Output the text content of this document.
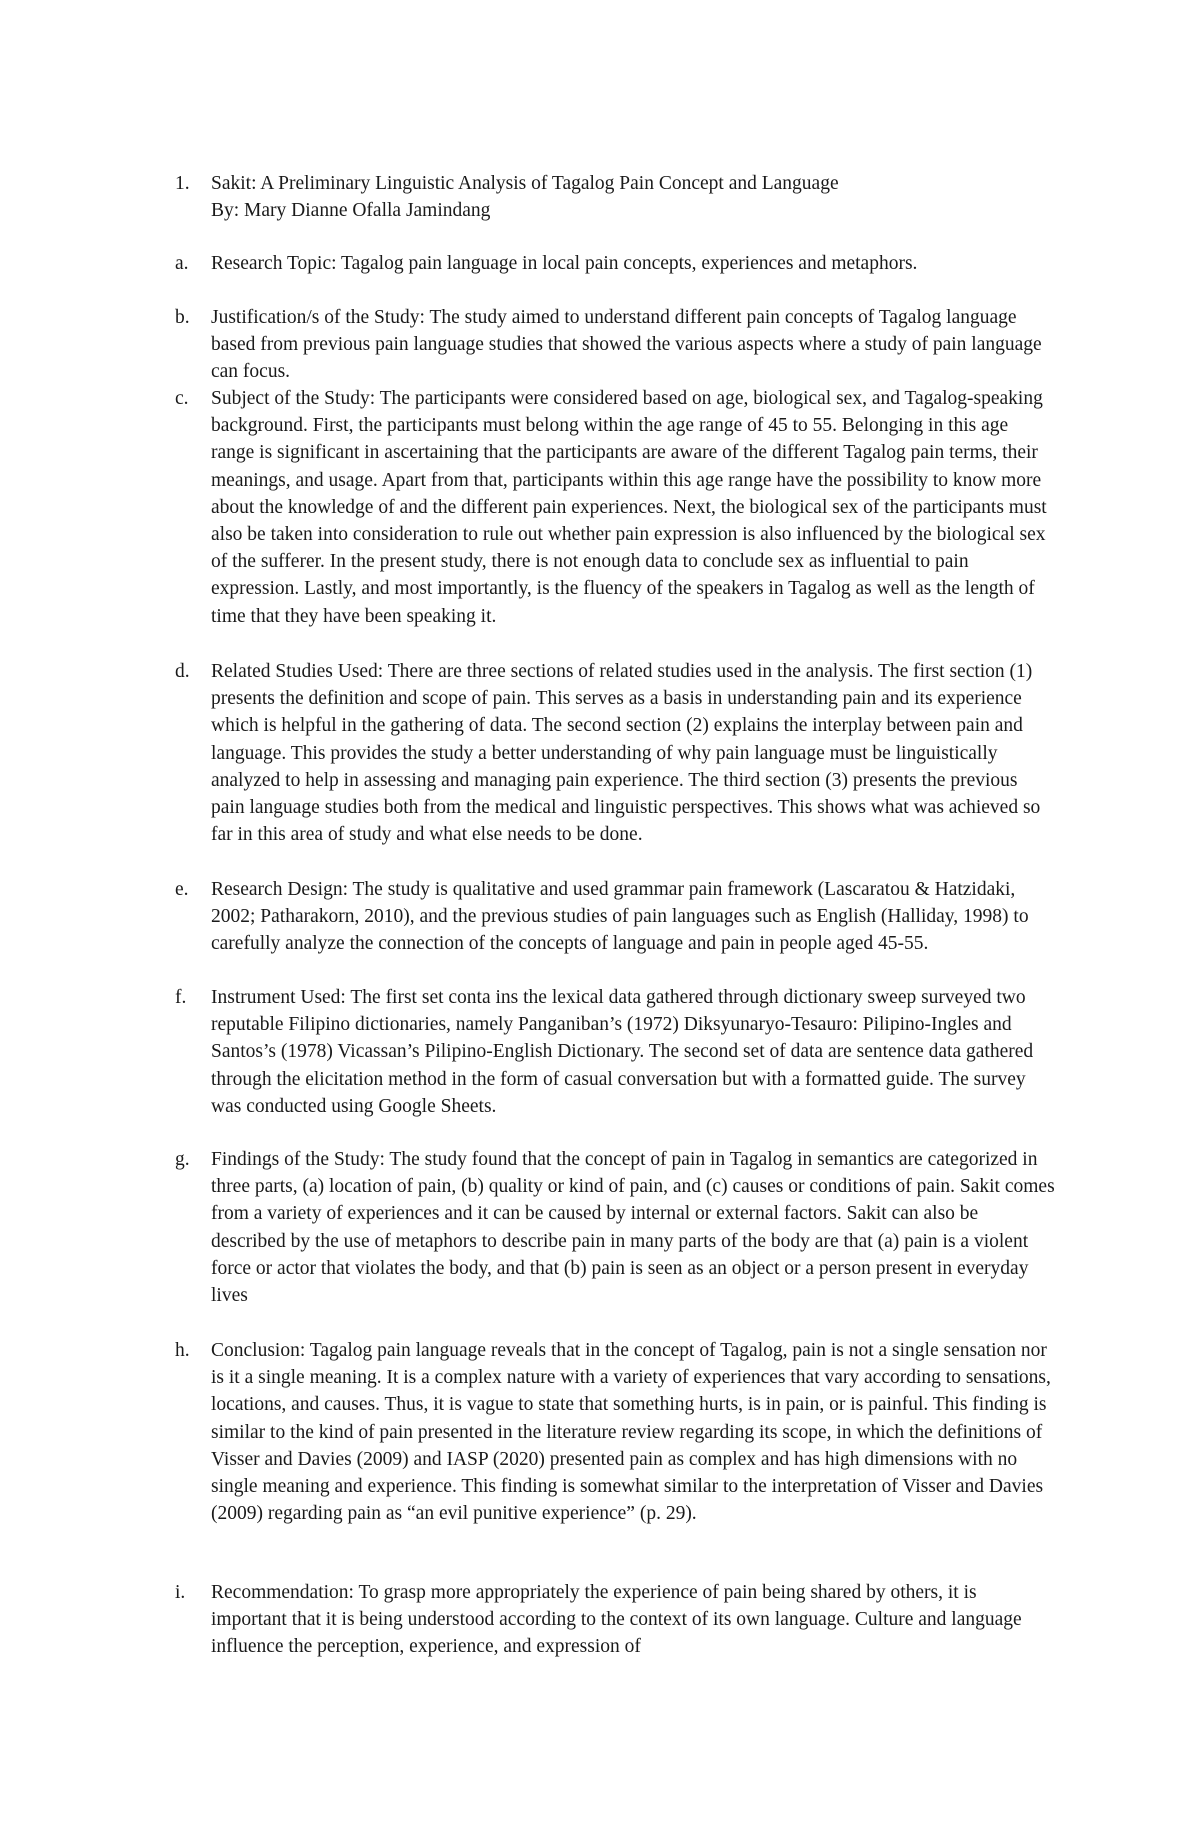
1.	Sakit: A Preliminary Linguistic Analysis of Tagalog Pain Concept and Language

By: Mary Dianne Ofalla Jamindang

a.	Research Topic: Tagalog pain language in local pain concepts, experiences and metaphors.

b.	Justification/s of the Study: The study aimed to understand different pain concepts of Tagalog language based from previous pain language studies that showed the various aspects where a study of pain language can focus.

c.	Subject of the Study: The participants were considered based on age, biological sex, and Tagalog-speaking background. First, the participants must belong within the age range of 45 to 55. Belonging in this age range is significant in ascertaining that the participants are aware of the different Tagalog pain terms, their meanings, and usage. Apart from that, participants within this age range have the possibility to know more about the knowledge of and the different pain experiences. Next, the biological sex of the participants must also be taken into consideration to rule out whether pain expression is also influenced by the biological sex of the sufferer. In the present study, there is not enough data to conclude sex as influential to pain expression. Lastly, and most importantly, is the fluency of the speakers in Tagalog as well as the length of time that they have been speaking it.

d.	Related Studies Used: There are three sections of related studies used in the analysis. The first section (1) presents the definition and scope of pain. This serves as a basis in understanding pain and its experience which is helpful in the gathering of data. The second section (2) explains the interplay between pain and language. This provides the study a better understanding of why pain language must be linguistically analyzed to help in assessing and managing pain experience. The third section (3) presents the previous pain language studies both from the medical and linguistic perspectives. This shows what was achieved so far in this area of study and what else needs to be done.

e.	Research Design: The study is qualitative and used grammar pain framework (Lascaratou & Hatzidaki, 2002; Patharakorn, 2010), and the previous studies of pain languages such as English (Halliday, 1998) to carefully analyze the connection of the concepts of language and pain in people aged 45-55.

f.	Instrument Used: The first set conta ins the lexical data gathered through dictionary sweep surveyed two reputable Filipino dictionaries, namely Panganiban’s (1972) Diksyunaryo-Tesauro: Pilipino-Ingles and Santos’s (1978) Vicassan’s Pilipino-English Dictionary. The second set of data are sentence data gathered through the elicitation method in the form of casual conversation but with a formatted guide. The survey was conducted using Google Sheets.

g.	Findings of the Study: The study found that the concept of pain in Tagalog in semantics are categorized in three parts, (a) location of pain, (b) quality or kind of pain, and (c) causes or conditions of pain. Sakit comes from a variety of experiences and it can be caused by internal or external factors. Sakit can also be described by the use of metaphors to describe pain in many parts of the body are that (a) pain is a violent force or actor that violates the body, and that (b) pain is seen as an object or a person present in everyday lives

h.	Conclusion: Tagalog pain language reveals that in the concept of Tagalog, pain is not a single sensation nor is it a single meaning. It is a complex nature with a variety of experiences that vary according to sensations, locations, and causes. Thus, it is vague to state that something hurts, is in pain, or is painful. This finding is similar to the kind of pain presented in the literature review regarding its scope, in which the definitions of Visser and Davies (2009) and IASP (2020) presented pain as complex and has high dimensions with no single meaning and experience. This finding is somewhat similar to the interpretation of Visser and Davies (2009) regarding pain as “an evil punitive experience” (p. 29).

i.	Recommendation: To grasp more appropriately the experience of pain being shared by others, it is important that it is being understood according to the context of its own language. Culture and language influence the perception, experience, and expression of
